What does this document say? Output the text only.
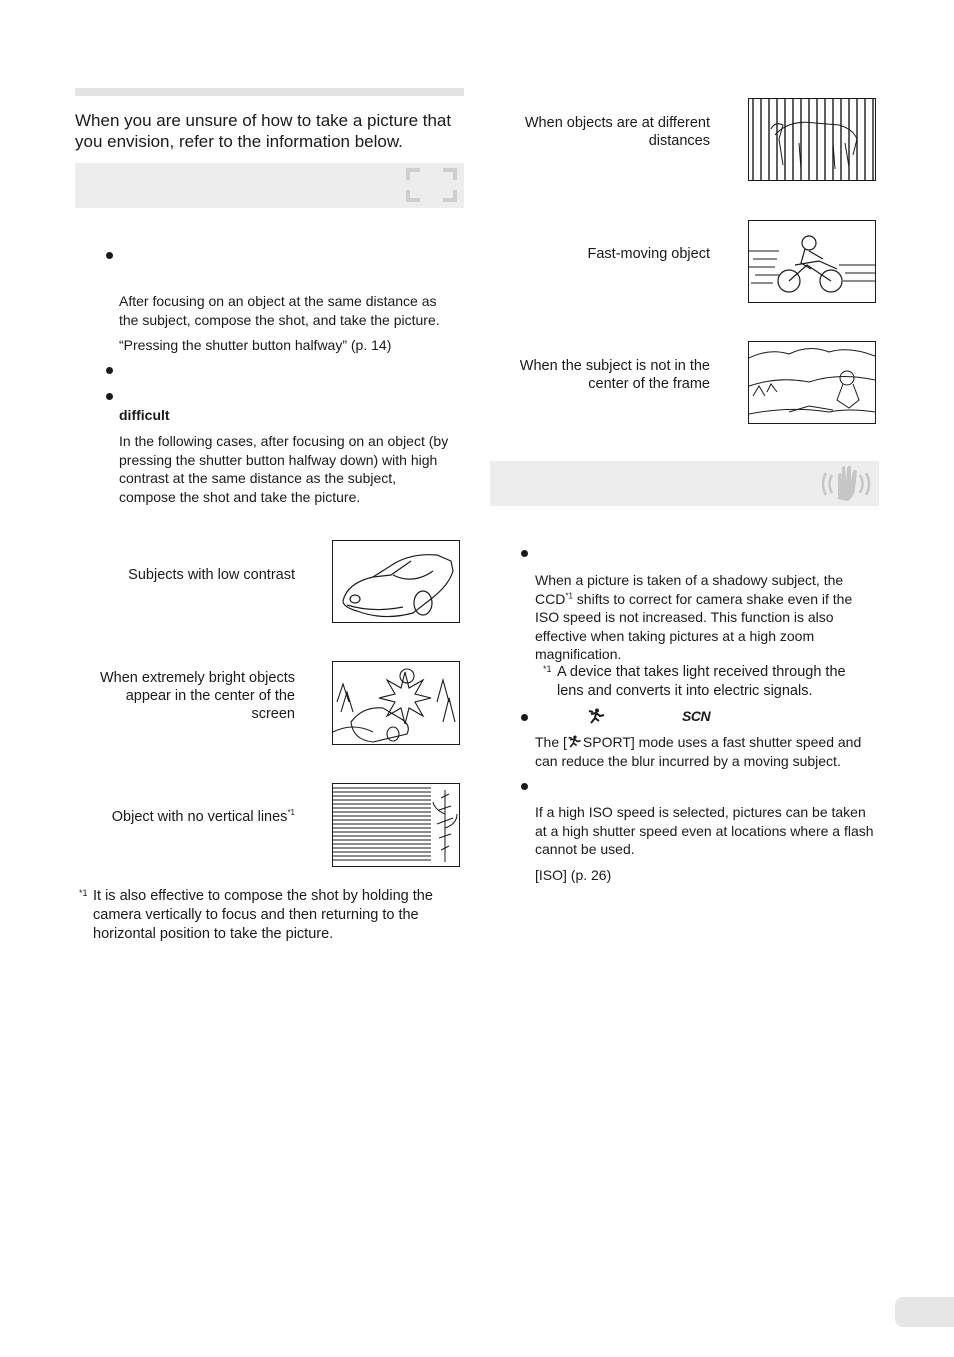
When you are unsure of how to take a picture that you envision, refer to the information below.
After focusing on an object at the same distance as the subject, compose the shot, and take the picture.
“Pressing the shutter button halfway” (p. 14)
difficult
In the following cases, after focusing on an object (by pressing the shutter button halfway down) with high contrast at the same distance as the subject, compose the shot and take the picture.
Subjects with low contrast
When extremely bright objects appear in the center of the screen
Object with no vertical lines$^{*1}$
*1 It is also effective to compose the shot by holding the camera vertically to focus and then returning to the horizontal position to take the picture.
When objects are at different distances
Fast-moving object
When the subject is not in the center of the frame
When a picture is taken of a shadowy subject, the CCD$^{*1}$ shifts to correct for camera shake even if the ISO speed is not increased. This function is also effective when taking pictures at a high zoom magnification.
*1 A device that takes light received through the lens and converts it into electric signals.
SCN
The [ SPORT] mode uses a fast shutter speed and can reduce the blur incurred by a moving subject.
If a high ISO speed is selected, pictures can be taken at a high shutter speed even at locations where a flash cannot be used.
[ISO] (p. 26)
